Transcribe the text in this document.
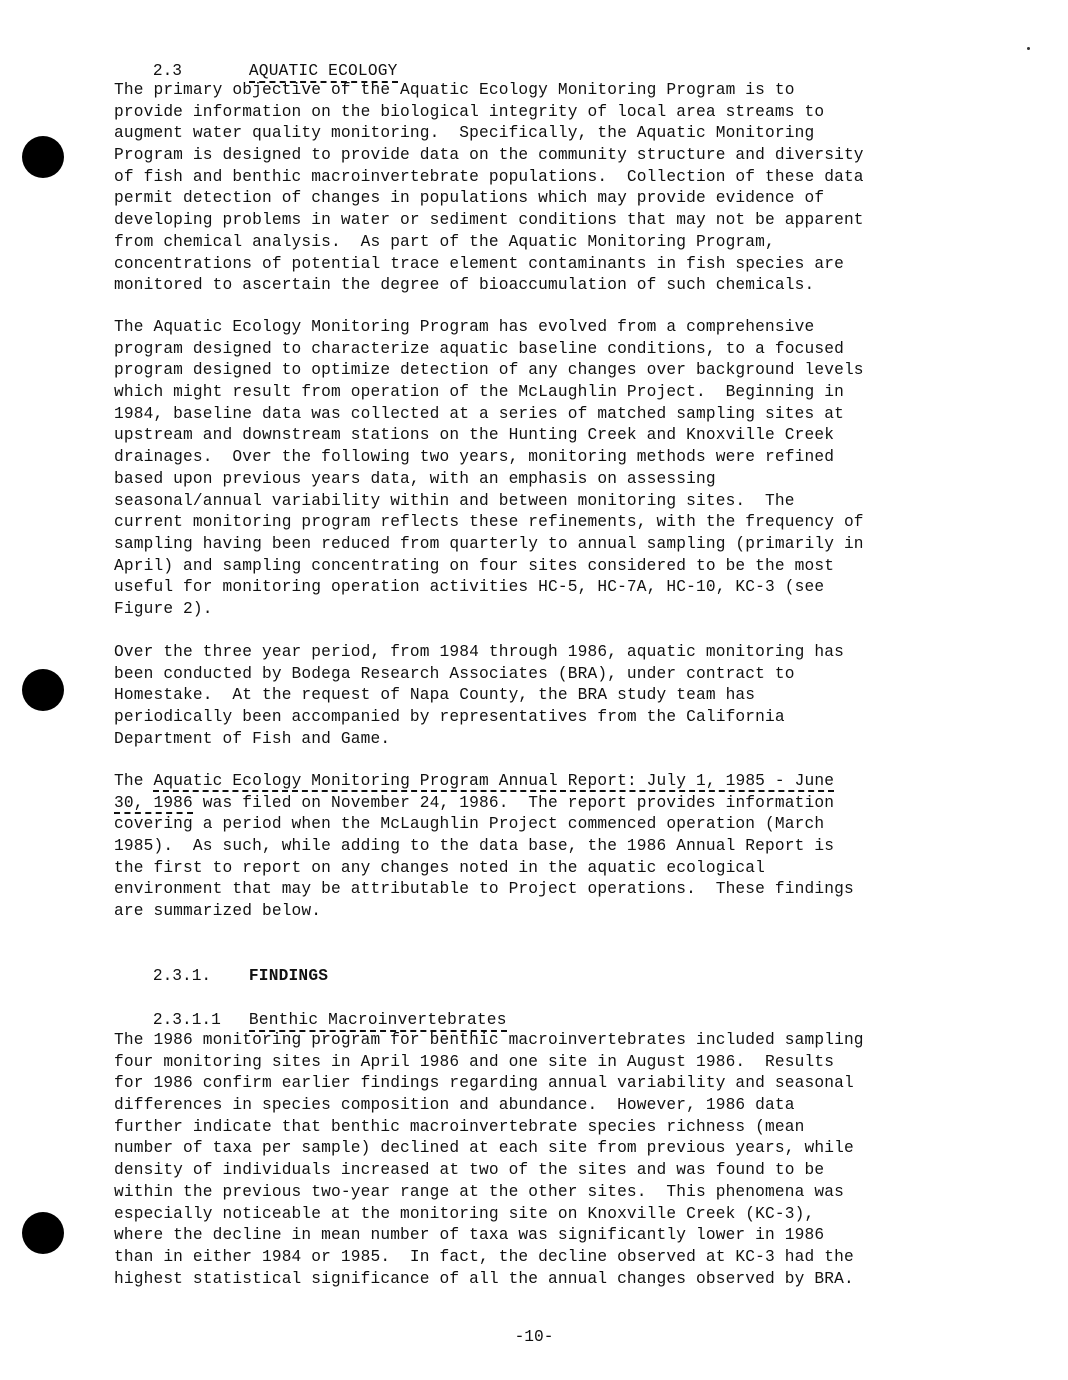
2.3	AQUATIC ECOLOGY

The primary objective of the Aquatic Ecology Monitoring Program is to
provide information on the biological integrity of local area streams to
augment water quality monitoring.  Specifically, the Aquatic Monitoring
Program is designed to provide data on the community structure and diversity
of fish and benthic macroinvertebrate populations.  Collection of these data
permit detection of changes in populations which may provide evidence of
developing problems in water or sediment conditions that may not be apparent
from chemical analysis.  As part of the Aquatic Monitoring Program,
concentrations of potential trace element contaminants in fish species are
monitored to ascertain the degree of bioaccumulation of such chemicals.
The Aquatic Ecology Monitoring Program has evolved from a comprehensive
program designed to characterize aquatic baseline conditions, to a focused
program designed to optimize detection of any changes over background levels
which might result from operation of the McLaughlin Project.  Beginning in
1984, baseline data was collected at a series of matched sampling sites at
upstream and downstream stations on the Hunting Creek and Knoxville Creek
drainages.  Over the following two years, monitoring methods were refined
based upon previous years data, with an emphasis on assessing
seasonal/annual variability within and between monitoring sites.  The
current monitoring program reflects these refinements, with the frequency of
sampling having been reduced from quarterly to annual sampling (primarily in
April) and sampling concentrating on four sites considered to be the most
useful for monitoring operation activities HC-5, HC-7A, HC-10, KC-3 (see
Figure 2).
Over the three year period, from 1984 through 1986, aquatic monitoring has
been conducted by Bodega Research Associates (BRA), under contract to
Homestake.  At the request of Napa County, the BRA study team has
periodically been accompanied by representatives from the California
Department of Fish and Game.
The Aquatic Ecology Monitoring Program Annual Report: July 1, 1985 - June
30, 1986 was filed on November 24, 1986.  The report provides information
covering a period when the McLaughlin Project commenced operation (March
1985).  As such, while adding to the data base, the 1986 Annual Report is
the first to report on any changes noted in the aquatic ecological
environment that may be attributable to Project operations.  These findings
are summarized below.

2.3.1. FINDINGS

2.3.1.1 Benthic Macroinvertebrates

The 1986 monitoring program for benthic macroinvertebrates included sampling
four monitoring sites in April 1986 and one site in August 1986.  Results
for 1986 confirm earlier findings regarding annual variability and seasonal
differences in species composition and abundance.  However, 1986 data
further indicate that benthic macroinvertebrate species richness (mean
number of taxa per sample) declined at each site from previous years, while
density of individuals increased at two of the sites and was found to be
within the previous two-year range at the other sites.  This phenomena was
especially noticeable at the monitoring site on Knoxville Creek (KC-3),
where the decline in mean number of taxa was significantly lower in 1986
than in either 1984 or 1985.  In fact, the decline observed at KC-3 had the
highest statistical significance of all the annual changes observed by BRA.
-10-
